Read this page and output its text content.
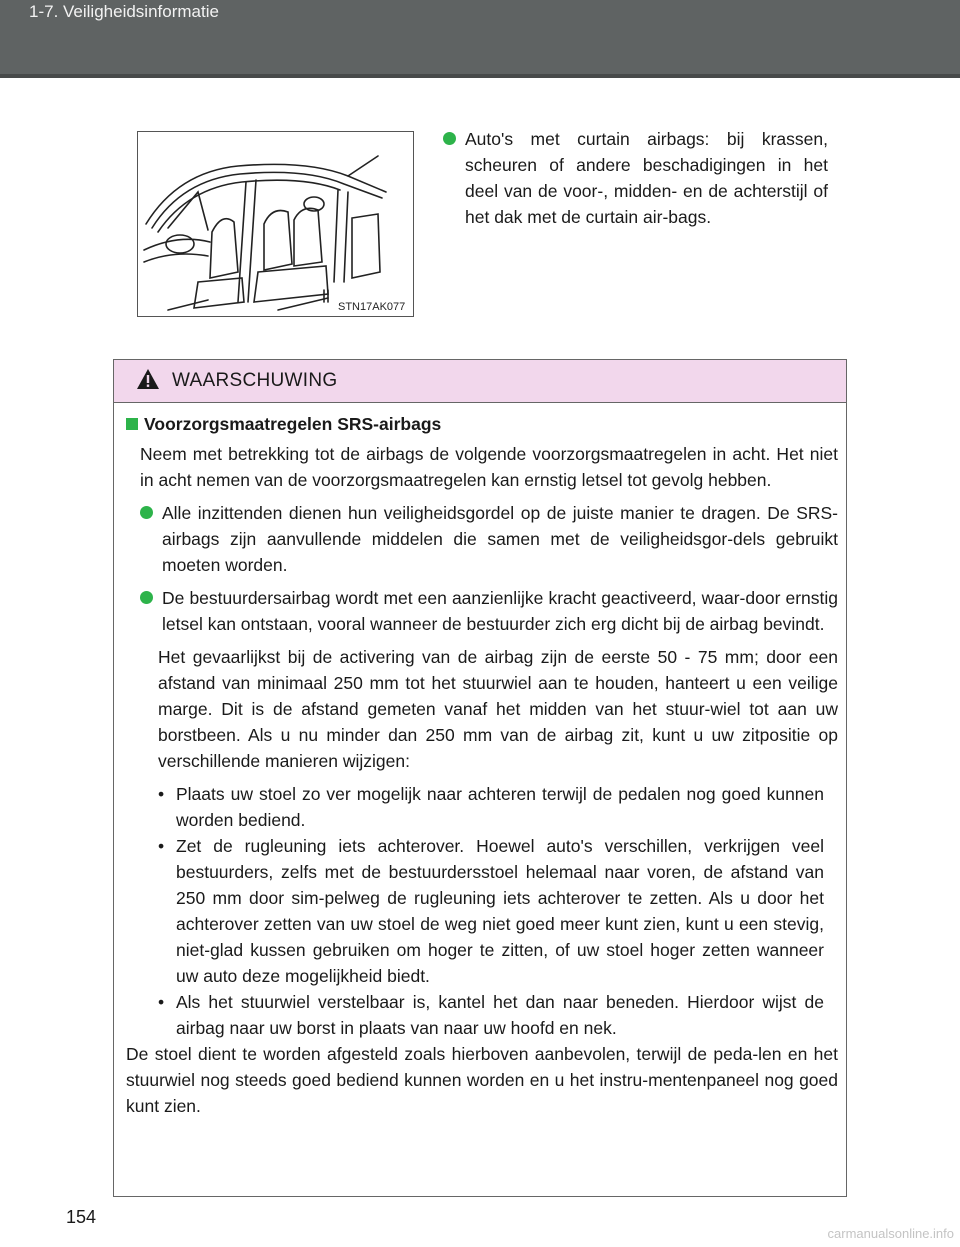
1-7. Veiligheidsinformatie
STN17AK077
Auto's met curtain airbags: bij krassen, scheuren of andere beschadigingen in het deel van de voor-, midden- en de achterstijl of het dak met de curtain air-bags.
WAARSCHUWING
Voorzorgsmaatregelen SRS-airbags
Neem met betrekking tot de airbags de volgende voorzorgsmaatregelen in acht. Het niet in acht nemen van de voorzorgsmaatregelen kan ernstig letsel tot gevolg hebben.
Alle inzittenden dienen hun veiligheidsgordel op de juiste manier te dragen. De SRS-airbags zijn aanvullende middelen die samen met de veiligheidsgor-dels gebruikt moeten worden.
De bestuurdersairbag wordt met een aanzienlijke kracht geactiveerd, waar-door ernstig letsel kan ontstaan, vooral wanneer de bestuurder zich erg dicht bij de airbag bevindt.
Het gevaarlijkst bij de activering van de airbag zijn de eerste 50 - 75 mm; door een afstand van minimaal 250 mm tot het stuurwiel aan te houden, hanteert u een veilige marge. Dit is de afstand gemeten vanaf het midden van het stuur-wiel tot aan uw borstbeen. Als u nu minder dan 250 mm van de airbag zit, kunt u uw zitpositie op verschillende manieren wijzigen:
• Plaats uw stoel zo ver mogelijk naar achteren terwijl de pedalen nog goed kunnen worden bediend.
• Zet de rugleuning iets achterover. Hoewel auto's verschillen, verkrijgen veel bestuurders, zelfs met de bestuurdersstoel helemaal naar voren, de afstand van 250 mm door sim-pelweg de rugleuning iets achterover te zetten. Als u door het achterover zetten van uw stoel de weg niet goed meer kunt zien, kunt u een stevig, niet-glad kussen gebruiken om hoger te zitten, of uw stoel hoger zetten wanneer uw auto deze mogelijkheid biedt.
• Als het stuurwiel verstelbaar is, kantel het dan naar beneden. Hierdoor wijst de airbag naar uw borst in plaats van naar uw hoofd en nek.
De stoel dient te worden afgesteld zoals hierboven aanbevolen, terwijl de peda-len en het stuurwiel nog steeds goed bediend kunnen worden en u het instru-mentenpaneel nog goed kunt zien.
154
carmanualsonline.info
